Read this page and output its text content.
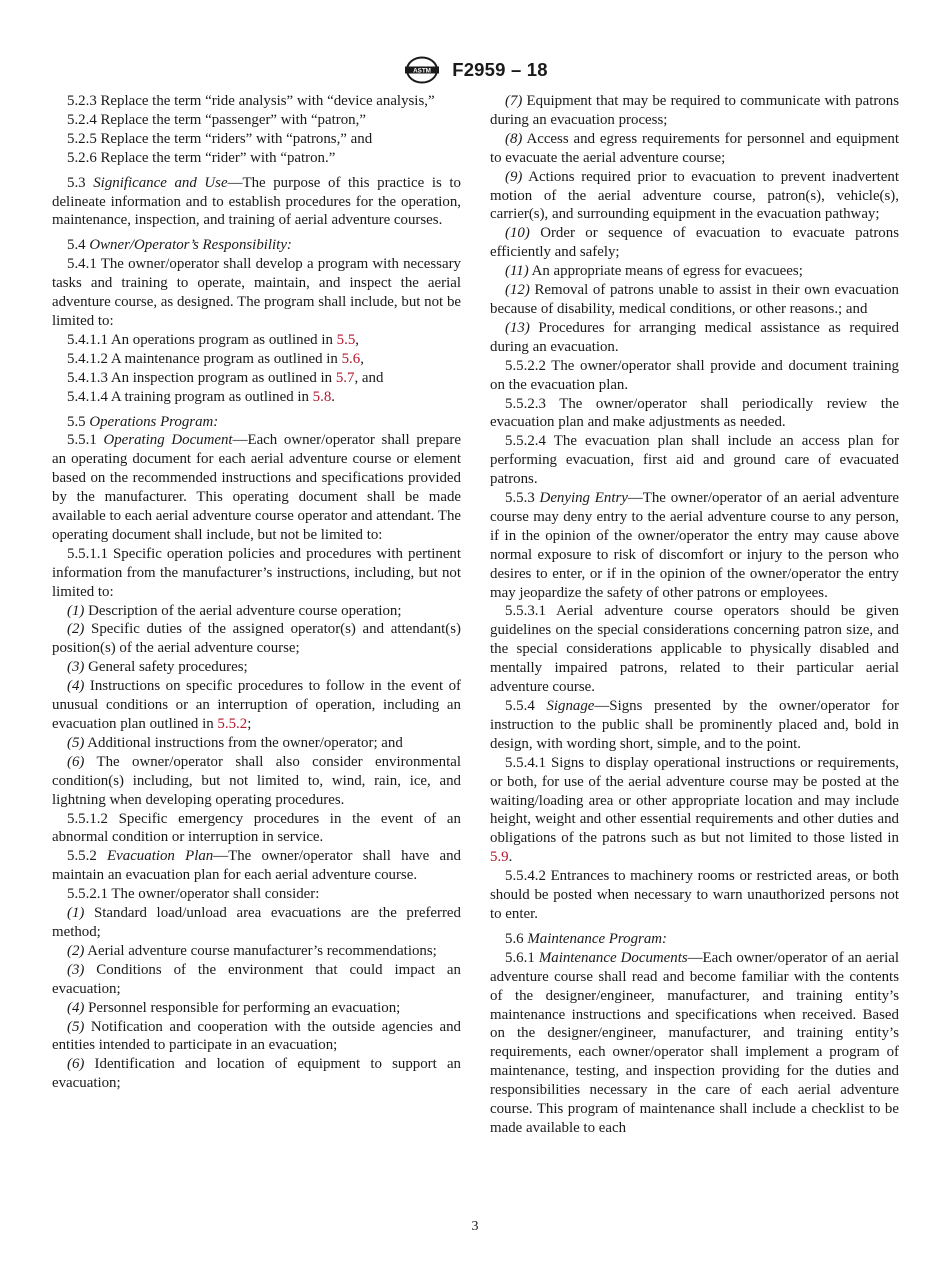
ASTM F2959 – 18

5.2.3 Replace the term “ride analysis” with “device analysis,”

5.2.4 Replace the term “passenger” with “patron,”

5.2.5 Replace the term “riders” with “patrons,” and

5.2.6 Replace the term “rider” with “patron.”

5.3 Significance and Use—The purpose of this practice is to delineate information and to establish procedures for the operation, maintenance, inspection, and training of aerial adventure courses.

5.4 Owner/Operator’s Responsibility:

5.4.1 The owner/operator shall develop a program with necessary tasks and training to operate, maintain, and inspect the aerial adventure course, as designed. The program shall include, but not be limited to:

5.4.1.1 An operations program as outlined in 5.5,

5.4.1.2 A maintenance program as outlined in 5.6,

5.4.1.3 An inspection program as outlined in 5.7, and

5.4.1.4 A training program as outlined in 5.8.

5.5 Operations Program:

5.5.1 Operating Document—Each owner/operator shall prepare an operating document for each aerial adventure course or element based on the recommended instructions and specifications provided by the manufacturer. This operating document shall be made available to each aerial adventure course operator and attendant. The operating document shall include, but not be limited to:

5.5.1.1 Specific operation policies and procedures with pertinent information from the manufacturer’s instructions, including, but not limited to:

(1) Description of the aerial adventure course operation;

(2) Specific duties of the assigned operator(s) and attendant(s) position(s) of the aerial adventure course;

(3) General safety procedures;

(4) Instructions on specific procedures to follow in the event of unusual conditions or an interruption of operation, including an evacuation plan outlined in 5.5.2;

(5) Additional instructions from the owner/operator; and

(6) The owner/operator shall also consider environmental condition(s) including, but not limited to, wind, rain, ice, and lightning when developing operating procedures.

5.5.1.2 Specific emergency procedures in the event of an abnormal condition or interruption in service.

5.5.2 Evacuation Plan—The owner/operator shall have and maintain an evacuation plan for each aerial adventure course.

5.5.2.1 The owner/operator shall consider:

(1) Standard load/unload area evacuations are the preferred method;

(2) Aerial adventure course manufacturer’s recommendations;

(3) Conditions of the environment that could impact an evacuation;

(4) Personnel responsible for performing an evacuation;

(5) Notification and cooperation with the outside agencies and entities intended to participate in an evacuation;

(6) Identification and location of equipment to support an evacuation;

(7) Equipment that may be required to communicate with patrons during an evacuation process;

(8) Access and egress requirements for personnel and equipment to evacuate the aerial adventure course;

(9) Actions required prior to evacuation to prevent inadvertent motion of the aerial adventure course, patron(s), vehicle(s), carrier(s), and surrounding equipment in the evacuation pathway;

(10) Order or sequence of evacuation to evacuate patrons efficiently and safely;

(11) An appropriate means of egress for evacuees;

(12) Removal of patrons unable to assist in their own evacuation because of disability, medical conditions, or other reasons.; and

(13) Procedures for arranging medical assistance as required during an evacuation.

5.5.2.2 The owner/operator shall provide and document training on the evacuation plan.

5.5.2.3 The owner/operator shall periodically review the evacuation plan and make adjustments as needed.

5.5.2.4 The evacuation plan shall include an access plan for performing evacuation, first aid and ground care of evacuated patrons.

5.5.3 Denying Entry—The owner/operator of an aerial adventure course may deny entry to the aerial adventure course to any person, if in the opinion of the owner/operator the entry may cause above normal exposure to risk of discomfort or injury to the person who desires to enter, or if in the opinion of the owner/operator the entry may jeopardize the safety of other patrons or employees.

5.5.3.1 Aerial adventure course operators should be given guidelines on the special considerations concerning patron size, and the special considerations applicable to physically disabled and mentally impaired patrons, related to their particular aerial adventure course.

5.5.4 Signage—Signs presented by the owner/operator for instruction to the public shall be prominently placed and, bold in design, with wording short, simple, and to the point.

5.5.4.1 Signs to display operational instructions or requirements, or both, for use of the aerial adventure course may be posted at the waiting/loading area or other appropriate location and may include height, weight and other essential requirements and other duties and obligations of the patrons such as but not limited to those listed in 5.9.

5.5.4.2 Entrances to machinery rooms or restricted areas, or both should be posted when necessary to warn unauthorized persons not to enter.

5.6 Maintenance Program:

5.6.1 Maintenance Documents—Each owner/operator of an aerial adventure course shall read and become familiar with the contents of the designer/engineer, manufacturer, and training entity’s maintenance instructions and specifications when received. Based on the designer/engineer, manufacturer, and training entity’s requirements, each owner/operator shall implement a program of maintenance, testing, and inspection providing for the duties and responsibilities necessary in the care of each aerial adventure course. This program of maintenance shall include a checklist to be made available to each

3
